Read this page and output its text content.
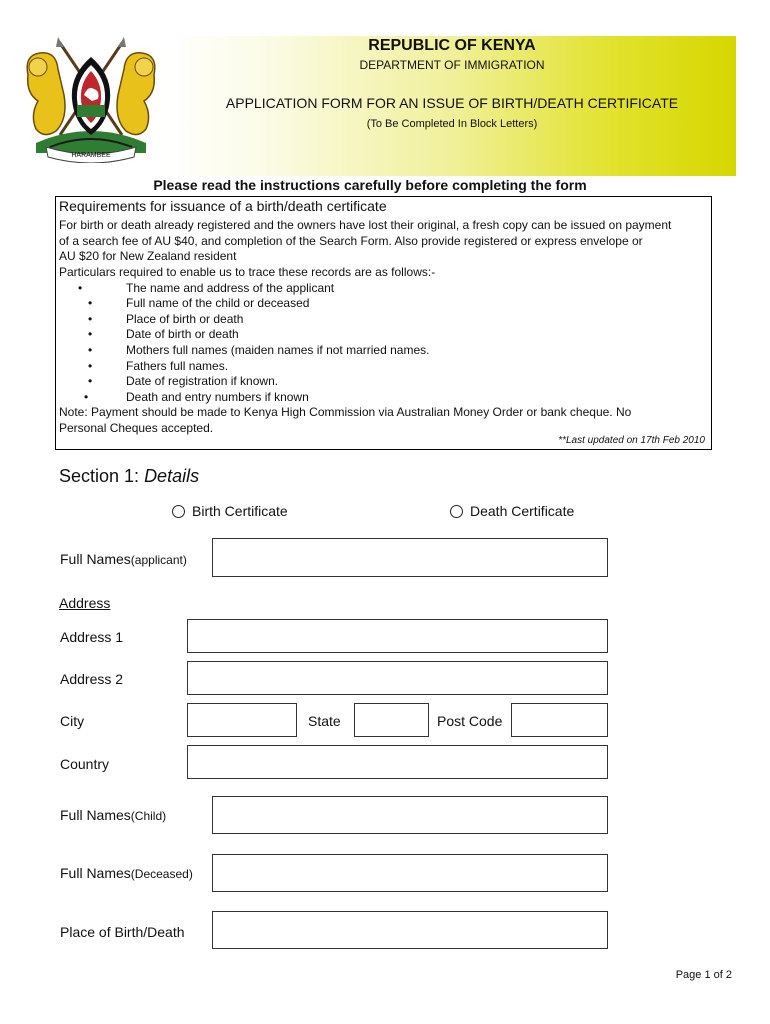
REPUBLIC OF KENYA
DEPARTMENT OF IMMIGRATION
APPLICATION FORM FOR AN ISSUE OF BIRTH/DEATH CERTIFICATE
(To Be Completed In Block Letters)
HARAMBEE
Please read the instructions carefully before completing the form
Requirements for issuance of a birth/death certificate
For birth or death already registered and the owners have lost their original, a fresh copy can be issued on payment
of a search fee of AU $40, and completion of the Search Form. Also provide registered or express envelope or
AU $20 for New Zealand resident
Particulars required to enable us to trace these records are as follows:-
•	The name and address of the applicant
•	Full name of the child or deceased
•	Place of birth or death
•	Date of birth or death
•	Mothers full names (maiden names if not married names.
•	Fathers full names.
•	Date of registration if known.
•	Death and entry numbers if known
Note: Payment should be made to Kenya High Commission via Australian Money Order or bank cheque. No
Personal Cheques accepted.
**Last updated on 17th Feb 2010
Section 1: Details
Birth Certificate	Death Certificate
Full Names(applicant)
Address
Address 1
Address 2
City	State	Post Code
Country
Full Names(Child)
Full Names(Deceased)
Place of Birth/Death
Page 1 of 2
